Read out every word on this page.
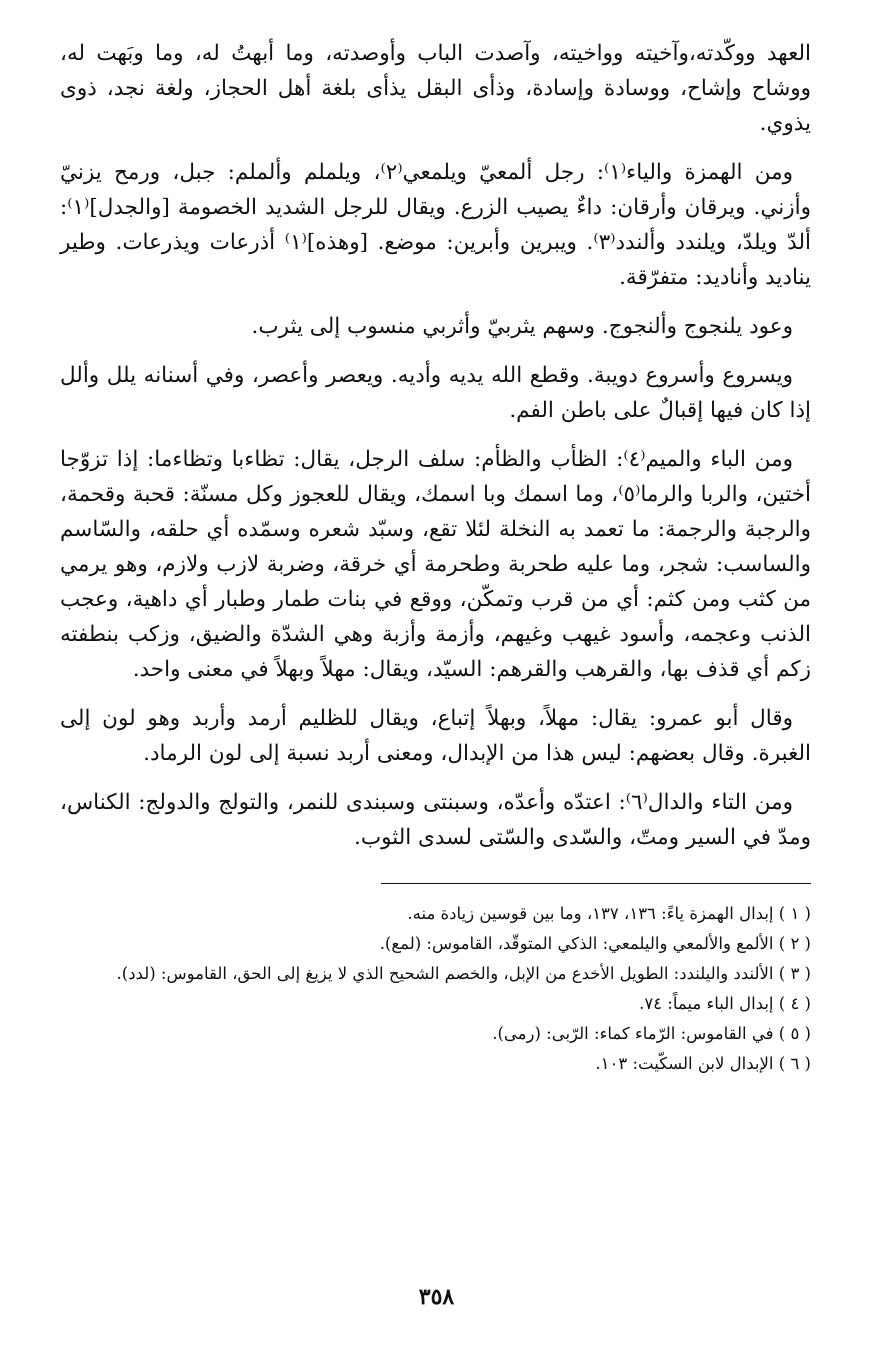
العهد ووكّدته،وآخيته وواخيته، وآصدت الباب وأوصدته، وما أبهتُ له، وما وبَهت له، ووشاح وإشاح، ووسادة وإسادة، وذأى البقل يذأى بلغة أهل الحجاز، ولغة نجد، ذوى يذوي.

ومن الهمزة والياء⁽١⁾: رجل ألمعيّ ويلمعي⁽٢⁾، ويلملم وألملم: جبل، ورمح يزنيّ وأزني. ويرقان وأرقان: داءٌ يصيب الزرع. ويقال للرجل الشديد الخصومة [والجدل]⁽١⁾: ألدّ ويلدّ، ويلندد وألندد⁽٣⁾. ويبرين وأبرين: موضع. [وهذه]⁽١⁾ أذرعات ويذرعات. وطير يناديد وأناديد: متفرّقة.

وعود يلنجوج وألنجوج. وسهم يثربيّ وأثربي منسوب إلى يثرب.

ويسروع وأسروع دويبة. وقطع الله يديه وأديه. ويعصر وأعصر، وفي أسنانه يلل وألل إذا كان فيها إقبالٌ على باطن الفم.

ومن الباء والميم⁽٤⁾: الظأب والظأم: سلف الرجل، يقال: تظاءبا وتظاءما: إذا تزوّجا أختين، والربا والرما⁽٥⁾، وما اسمك وبا اسمك، ويقال للعجوز وكل مسنّة: قحبة وقحمة، والرجبة والرجمة: ما تعمد به النخلة لئلا تقع، وسبّد شعره وسمّده أي حلقه، والسّاسم والساسب: شجر، وما عليه طحربة وطحرمة أي خرقة، وضربة لازب ولازم، وهو يرمي من كثب ومن كثم: أي من قرب وتمكّن، ووقع في بنات طمار وطبار أي داهية، وعجب الذنب وعجمه، وأسود غيهب وغيهم، وأزمة وأزبة وهي الشدّة والضيق، وزكب بنطفته زكم أي قذف بها، والقرهب والقرهم: السيّد، ويقال: مهلاً وبهلاً في معنى واحد.

وقال أبو عمرو: يقال: مهلاً، وبهلاً إتباع، ويقال للظليم أرمد وأربد وهو لون إلى الغبرة. وقال بعضهم: ليس هذا من الإبدال، ومعنى أربد نسبة إلى لون الرماد.

ومن التاء والدال⁽٦⁾: اعتدّه وأعدّه، وسبنتى وسبندى للنمر، والتولج والدولج: الكناس، ومدّ في السير ومتّ، والسّدى والسّتى لسدى الثوب.

( ١ ) إبدال الهمزة ياءً: ١٣٦، ١٣٧، وما بين قوسين زيادة منه.
( ٢ ) الألمع والألمعي واليلمعي: الذكي المتوقّد، القاموس: (لمع).
( ٣ ) الألندد واليلندد: الطويل الأخدع من الإبل، والخصم الشحيح الذي لا يزيغ إلى الحق، القاموس: (لدد).
( ٤ ) إبدال الباء ميماً: ٧٤.
( ٥ ) في القاموس: الرّماء كماء: الرّبى: (رمى).
( ٦ ) الإبدال لابن السكّيت: ١٠٣.
٣٥٨
